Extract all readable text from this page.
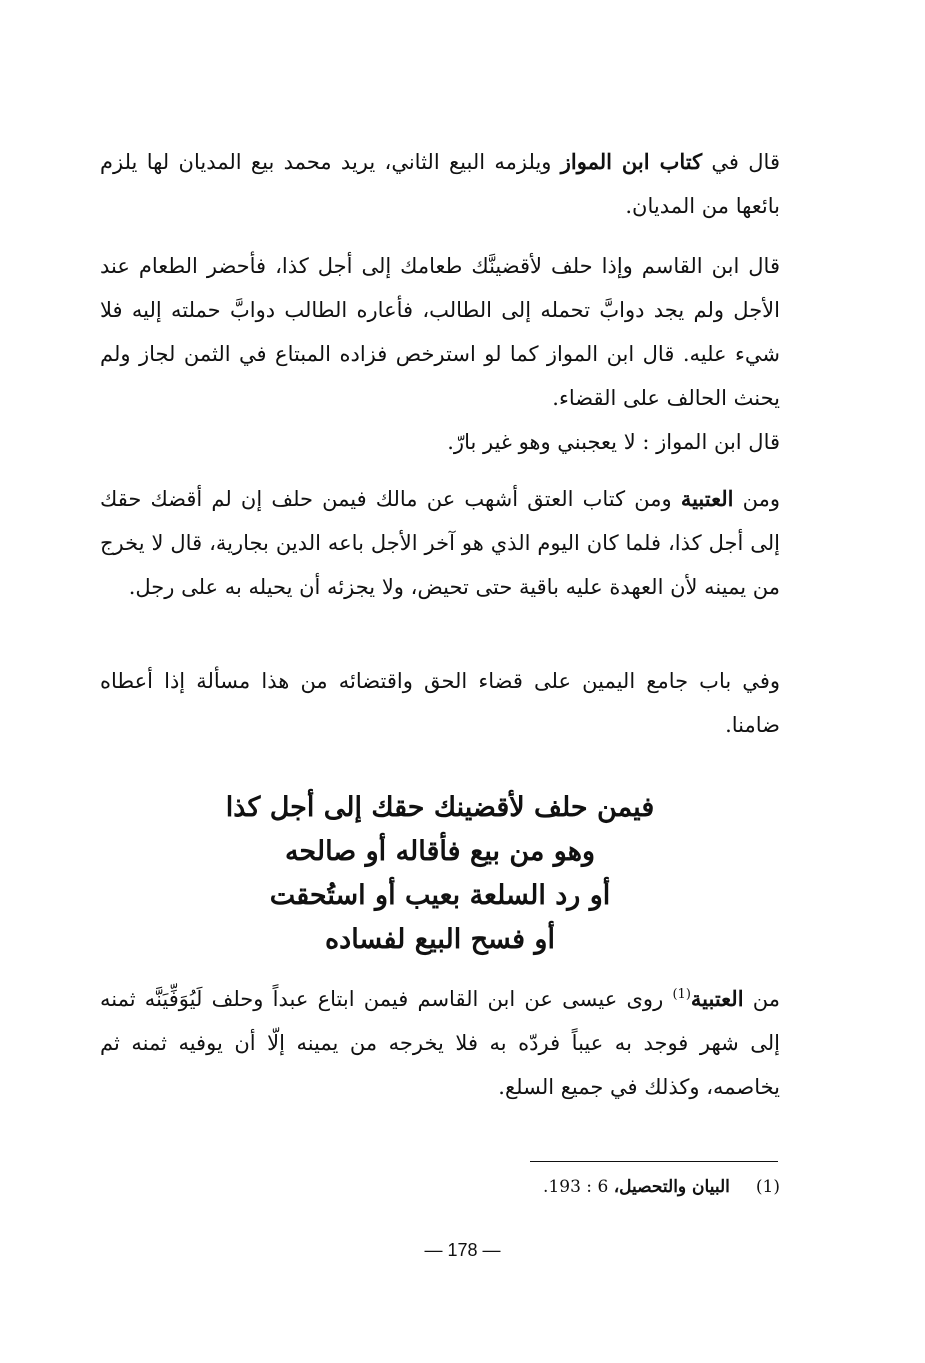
قال في كتاب ابن المواز ويلزمه البيع الثاني، يريد محمد بيع المديان لها يلزم بائعها من المديان.

قال ابن القاسم وإذا حلف لأقضينَّك طعامك إلى أجل كذا، فأحضر الطعام عند الأجل ولم يجد دوابَّ تحمله إلى الطالب، فأعاره الطالب دوابَّ حملته إليه فلا شيء عليه. قال ابن المواز كما لو استرخص فزاده المبتاع في الثمن لجاز ولم يحنث الحالف على القضاء.

قال ابن المواز : لا يعجبني وهو غير بارّ.

ومن العتبية ومن كتاب العتق أشهب عن مالك فيمن حلف إن لم أقضك حقك إلى أجل كذا، فلما كان اليوم الذي هو آخر الأجل باعه الدين بجارية، قال لا يخرج من يمينه لأن العهدة عليه باقية حتى تحيض، ولا يجزئه أن يحيله به على رجل.

وفي باب جامع اليمين على قضاء الحق واقتضائه من هذا مسألة إذا أعطاه ضامنا.

فيمن حلف لأقضينك حقك إلى أجل كذا
وهو من بيع فأقاله أو صالحه
أو رد السلعة بعيب أو استُحقت
أو فسح البيع لفساده

من العتبية$^{(1)}$ روى عيسى عن ابن القاسم فيمن ابتاع عبداً وحلف لَيُوَفِّيَنَّه ثمنه إلى شهر فوجد به عيباً فردّه به فلا يخرجه من يمينه إلّا أن يوفيه ثمنه ثم يخاصمه، وكذلك في جميع السلع.

(1)البيان والتحصيل، 6 : 193.
— 178 —
